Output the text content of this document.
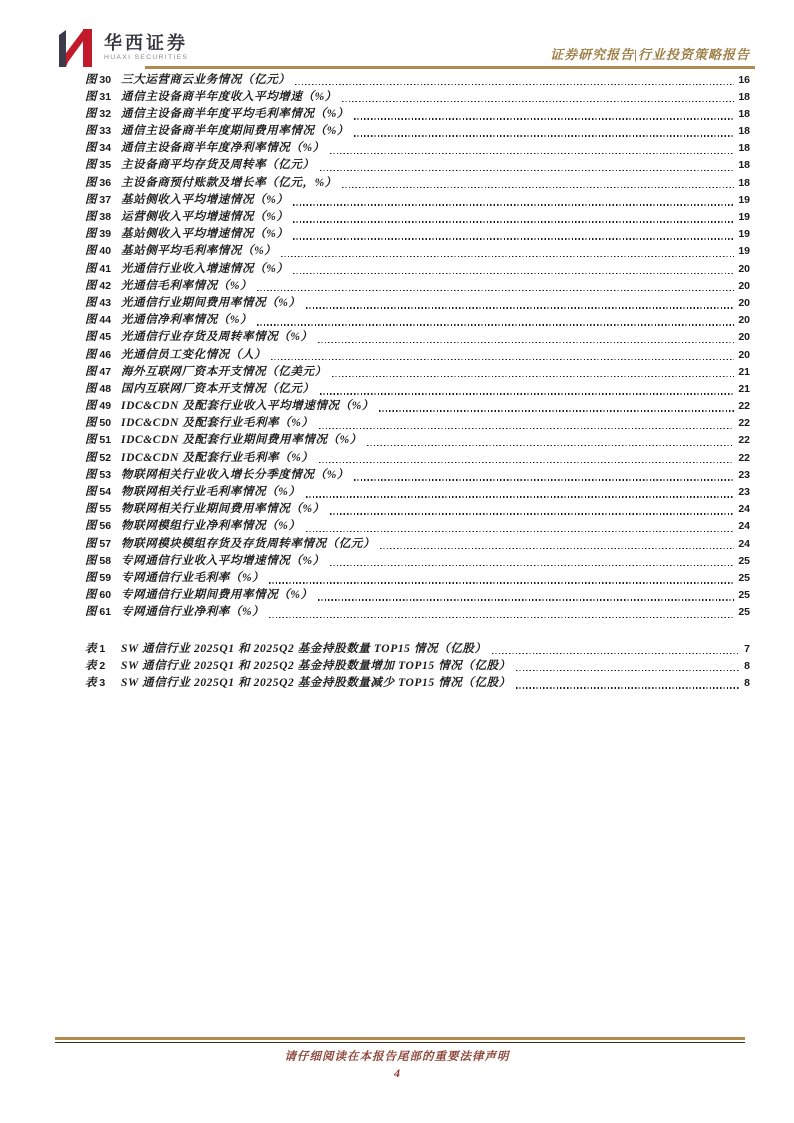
华西证券
HUAXI SECURITIES	证券研究报告|行业投资策略报告
图 30 三大运营商云业务情况（亿元）	16
图 31 通信主设备商半年度收入平均增速（%）	18
图 32 通信主设备商半年度平均毛利率情况（%）	18
图 33 通信主设备商半年度期间费用率情况（%）	18
图 34 通信主设备商半年度净利率情况（%）	18
图 35 主设备商平均存货及周转率（亿元）	18
图 36 主设备商预付账款及增长率（亿元，%）	18
图 37 基站侧收入平均增速情况（%）	19
图 38 运营侧收入平均增速情况（%）	19
图 39 基站侧收入平均增速情况（%）	19
图 40 基站侧平均毛利率情况（%）	19
图 41 光通信行业收入增速情况（%）	20
图 42 光通信毛利率情况（%）	20
图 43 光通信行业期间费用率情况（%）	20
图 44 光通信净利率情况（%）	20
图 45 光通信行业存货及周转率情况（%）	20
图 46 光通信员工变化情况（人）	20
图 47 海外互联网厂资本开支情况（亿美元）	21
图 48 国内互联网厂资本开支情况（亿元）	21
图 49 IDC&CDN 及配套行业收入平均增速情况（%）	22
图 50 IDC&CDN 及配套行业毛利率（%）	22
图 51 IDC&CDN 及配套行业期间费用率情况（%）	22
图 52 IDC&CDN 及配套行业毛利率（%）	22
图 53 物联网相关行业收入增长分季度情况（%）	23
图 54 物联网相关行业毛利率情况（%）	23
图 55 物联网相关行业期间费用率情况（%）	24
图 56 物联网模组行业净利率情况（%）	24
图 57 物联网模块模组存货及存货周转率情况（亿元）	24
图 58 专网通信行业收入平均增速情况（%）	25
图 59 专网通信行业毛利率（%）	25
图 60 专网通信行业期间费用率情况（%）	25
图 61 专网通信行业净利率（%）	25
表 1	SW 通信行业 2025Q1 和 2025Q2 基金持股数量 TOP15 情况（亿股）	7
表 2	SW 通信行业 2025Q1 和 2025Q2 基金持股数量增加 TOP15 情况（亿股）	8
表 3	SW 通信行业 2025Q1 和 2025Q2 基金持股数量减少 TOP15 情况（亿股）	8
请仔细阅读在本报告尾部的重要法律声明
4
